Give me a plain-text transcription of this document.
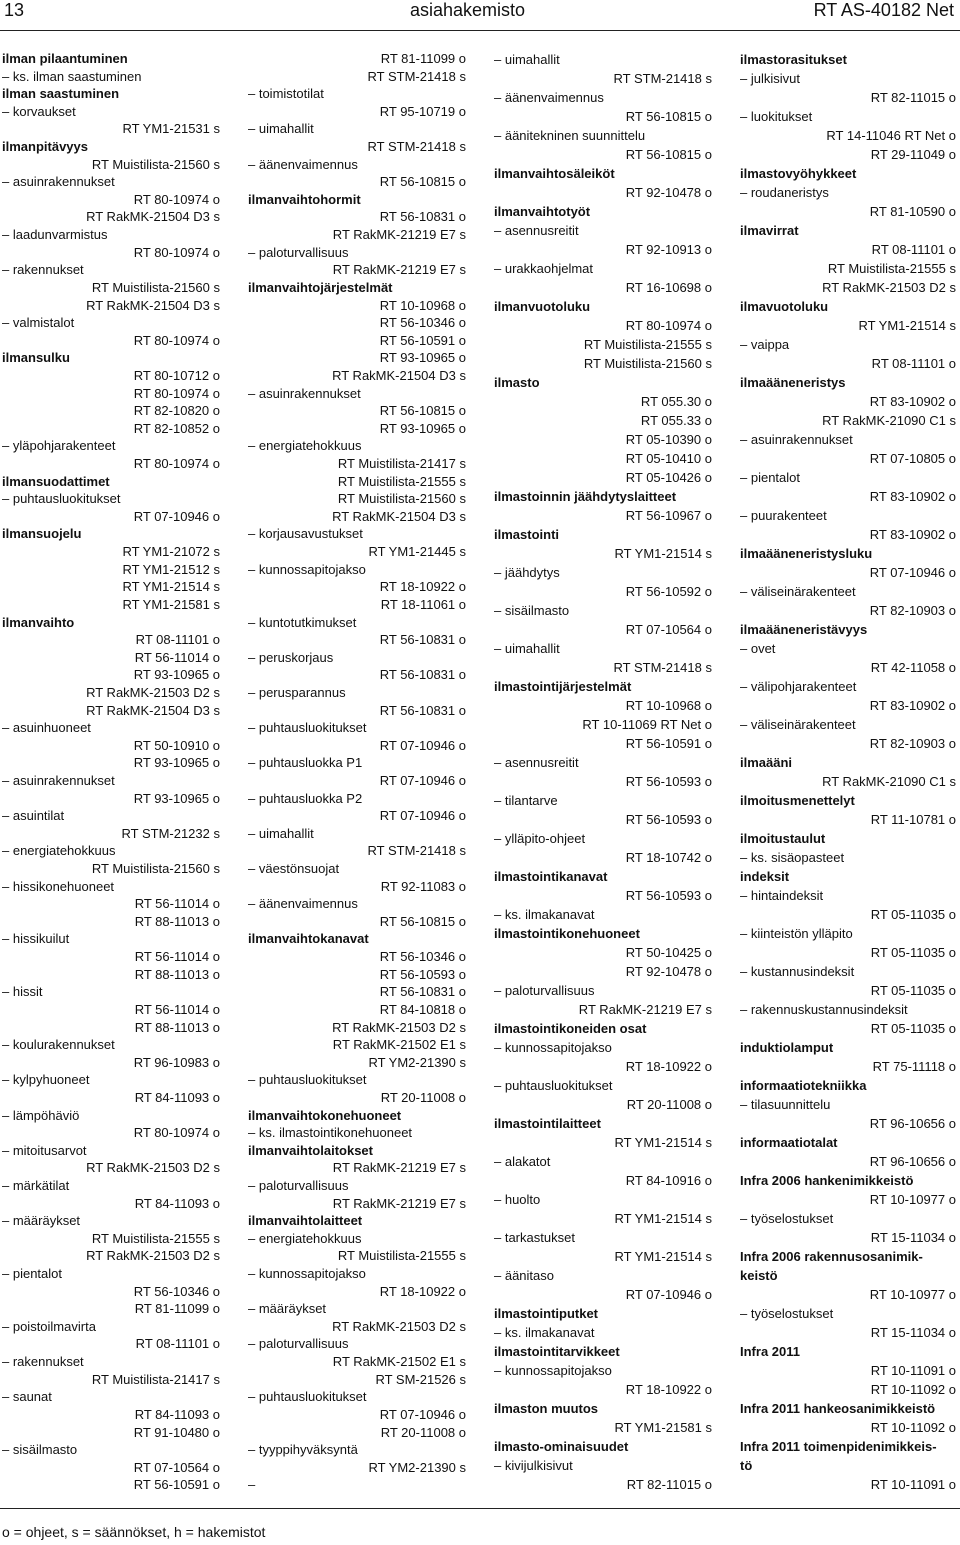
13	asiahakemisto	RT AS-40182 Net
ilman pilaantuminen
– ks. ilman saastuminen
ilman saastuminen
– korvaukset
RT YM1-21531 s
ilmanpitävyys
RT Muistilista-21560 s
– asuinrakennukset
RT 80-10974 o
RT RakMK-21504 D3 s
– laadunvarmistus
RT 80-10974 o
– rakennukset
RT Muistilista-21560 s
RT RakMK-21504 D3 s
– valmistalot
RT 80-10974 o
ilmansulku
RT 80-10712 o
RT 80-10974 o
RT 82-10820 o
RT 82-10852 o
– yläpohjarakenteet
RT 80-10974 o
ilmansuodattimet
– puhtausluokitukset
RT 07-10946 o
ilmansuojelu
RT YM1-21072 s
RT YM1-21512 s
RT YM1-21514 s
RT YM1-21581 s
ilmanvaihto
RT 08-11101 o
RT 56-11014 o
RT 93-10965 o
RT RakMK-21503 D2 s
RT RakMK-21504 D3 s
– asuinhuoneet
RT 50-10910 o
RT 93-10965 o
– asuinrakennukset
RT 93-10965 o
– asuintilat
RT STM-21232 s
– energiatehokkuus
RT Muistilista-21560 s
– hissikonehuoneet
RT 56-11014 o
RT 88-11013 o
– hissikuilut
RT 56-11014 o
RT 88-11013 o
– hissit
RT 56-11014 o
RT 88-11013 o
– koulurakennukset
RT 96-10983 o
– kylpyhuoneet
RT 84-11093 o
– lämpöhäviö
RT 80-10974 o
– mitoitusarvot
RT RakMK-21503 D2 s
– märkätilat
RT 84-11093 o
– määräykset
RT Muistilista-21555 s
RT RakMK-21503 D2 s
– pientalot
RT 56-10346 o
RT 81-11099 o
– poistoilmavirta
RT 08-11101 o
– rakennukset
RT Muistilista-21417 s
– saunat
RT 84-11093 o
RT 91-10480 o
– sisäilmasto
RT 07-10564 o
RT 56-10591 o
RT 81-11099 o
RT STM-21418 s
– toimistotilat
RT 95-10719 o
– uimahallit
RT STM-21418 s
– äänenvaimennus
RT 56-10815 o
ilmanvaihtohormit
RT 56-10831 o
RT RakMK-21219 E7 s
– paloturvallisuus
RT RakMK-21219 E7 s
ilmanvaihtojärjestelmät
RT 10-10968 o
RT 56-10346 o
RT 56-10591 o
RT 93-10965 o
RT RakMK-21504 D3 s
– asuinrakennukset
RT 56-10815 o
RT 93-10965 o
– energiatehokkuus
RT Muistilista-21417 s
RT Muistilista-21555 s
RT Muistilista-21560 s
RT RakMK-21504 D3 s
– korjausavustukset
RT YM1-21445 s
– kunnossapitojakso
RT 18-10922 o
RT 18-11061 o
– kuntotutkimukset
RT 56-10831 o
– peruskorjaus
RT 56-10831 o
– perusparannus
RT 56-10831 o
– puhtausluokitukset
RT 07-10946 o
– puhtausluokka P1
RT 07-10946 o
– puhtausluokka P2
RT 07-10946 o
– uimahallit
RT STM-21418 s
– väestönsuojat
RT 92-11083 o
– äänenvaimennus
RT 56-10815 o
ilmanvaihtokanavat
RT 56-10346 o
RT 56-10593 o
RT 56-10831 o
RT 84-10818 o
RT RakMK-21503 D2 s
RT RakMK-21502 E1 s
RT YM2-21390 s
– puhtausluokitukset
RT 20-11008 o
ilmanvaihtokonehuoneet
– ks. ilmastointikonehuoneet
ilmanvaihtolaitokset
RT RakMK-21219 E7 s
– paloturvallisuus
RT RakMK-21219 E7 s
ilmanvaihtolaitteet
– energiatehokkuus
RT Muistilista-21555 s
– kunnossapitojakso
RT 18-10922 o
– määräykset
RT RakMK-21503 D2 s
– paloturvallisuus
RT RakMK-21502 E1 s
RT SM-21526 s
– puhtausluokitukset
RT 07-10946 o
RT 20-11008 o
– tyyppihyväksyntä
RT YM2-21390 s
–
– uimahallit
RT STM-21418 s
– äänenvaimennus
RT 56-10815 o
– äänitekninen suunnittelu
RT 56-10815 o
ilmanvaihtosäleiköt
RT 92-10478 o
ilmanvaihtotyöt
– asennusreitit
RT 92-10913 o
– urakkaohjelmat
RT 16-10698 o
ilmanvuotoluku
RT 80-10974 o
RT Muistilista-21555 s
RT Muistilista-21560 s
ilmasto
RT 055.30 o
RT 055.33 o
RT 05-10390 o
RT 05-10410 o
RT 05-10426 o
ilmastoinnin jäähdytyslaitteet
RT 56-10967 o
ilmastointi
RT YM1-21514 s
– jäähdytys
RT 56-10592 o
– sisäilmasto
RT 07-10564 o
– uimahallit
RT STM-21418 s
ilmastointijärjestelmät
RT 10-10968 o
RT 10-11069 RT Net o
RT 56-10591 o
– asennusreitit
RT 56-10593 o
– tilantarve
RT 56-10593 o
– ylläpito-ohjeet
RT 18-10742 o
ilmastointikanavat
RT 56-10593 o
– ks. ilmakanavat
ilmastointikonehuoneet
RT 50-10425 o
RT 92-10478 o
– paloturvallisuus
RT RakMK-21219 E7 s
ilmastointikoneiden osat
– kunnossapitojakso
RT 18-10922 o
– puhtausluokitukset
RT 20-11008 o
ilmastointilaitteet
RT YM1-21514 s
– alakatot
RT 84-10916 o
– huolto
RT YM1-21514 s
– tarkastukset
RT YM1-21514 s
– äänitaso
RT 07-10946 o
ilmastointiputket
– ks. ilmakanavat
ilmastointitarvikkeet
– kunnossapitojakso
RT 18-10922 o
ilmaston muutos
RT YM1-21581 s
ilmasto-ominaisuudet
– kivijulkisivut
RT 82-11015 o
ilmastorasitukset
– julkisivut
RT 82-11015 o
– luokitukset
RT 14-11046 RT Net o
RT 29-11049 o
ilmastovyöhykkeet
– roudaneristys
RT 81-10590 o
ilmavirrat
RT 08-11101 o
RT Muistilista-21555 s
RT RakMK-21503 D2 s
ilmavuotoluku
RT YM1-21514 s
– vaippa
RT 08-11101 o
ilmaääneneristys
RT 83-10902 o
RT RakMK-21090 C1 s
– asuinrakennukset
RT 07-10805 o
– pientalot
RT 83-10902 o
– puurakenteet
RT 83-10902 o
ilmaääneneristysluku
RT 07-10946 o
– väliseinärakenteet
RT 82-10903 o
ilmaääneneristävyys
– ovet
RT 42-11058 o
– välipohjarakenteet
RT 83-10902 o
– väliseinärakenteet
RT 82-10903 o
ilmaääni
RT RakMK-21090 C1 s
ilmoitusmenettelyt
RT 11-10781 o
ilmoitustaulut
– ks. sisäopasteet
indeksit
– hintaindeksit
RT 05-11035 o
– kiinteistön ylläpito
RT 05-11035 o
– kustannusindeksit
RT 05-11035 o
– rakennuskustannusindeksit
RT 05-11035 o
induktiolamput
RT 75-11118 o
informaatiotekniikka
– tilasuunnittelu
RT 96-10656 o
informaatiotalat
RT 96-10656 o
Infra 2006 hankenimikkeistö
RT 10-10977 o
– työselostukset
RT 15-11034 o
Infra 2006 rakennusosanimik-
keistö
RT 10-10977 o
– työselostukset
RT 15-11034 o
Infra 2011
RT 10-11091 o
RT 10-11092 o
Infra 2011 hankeosanimikkeistö
RT 10-11092 o
Infra 2011 toimenpidenimikkeis-
tö
RT 10-11091 o
o = ohjeet, s = säännökset, h = hakemistot
